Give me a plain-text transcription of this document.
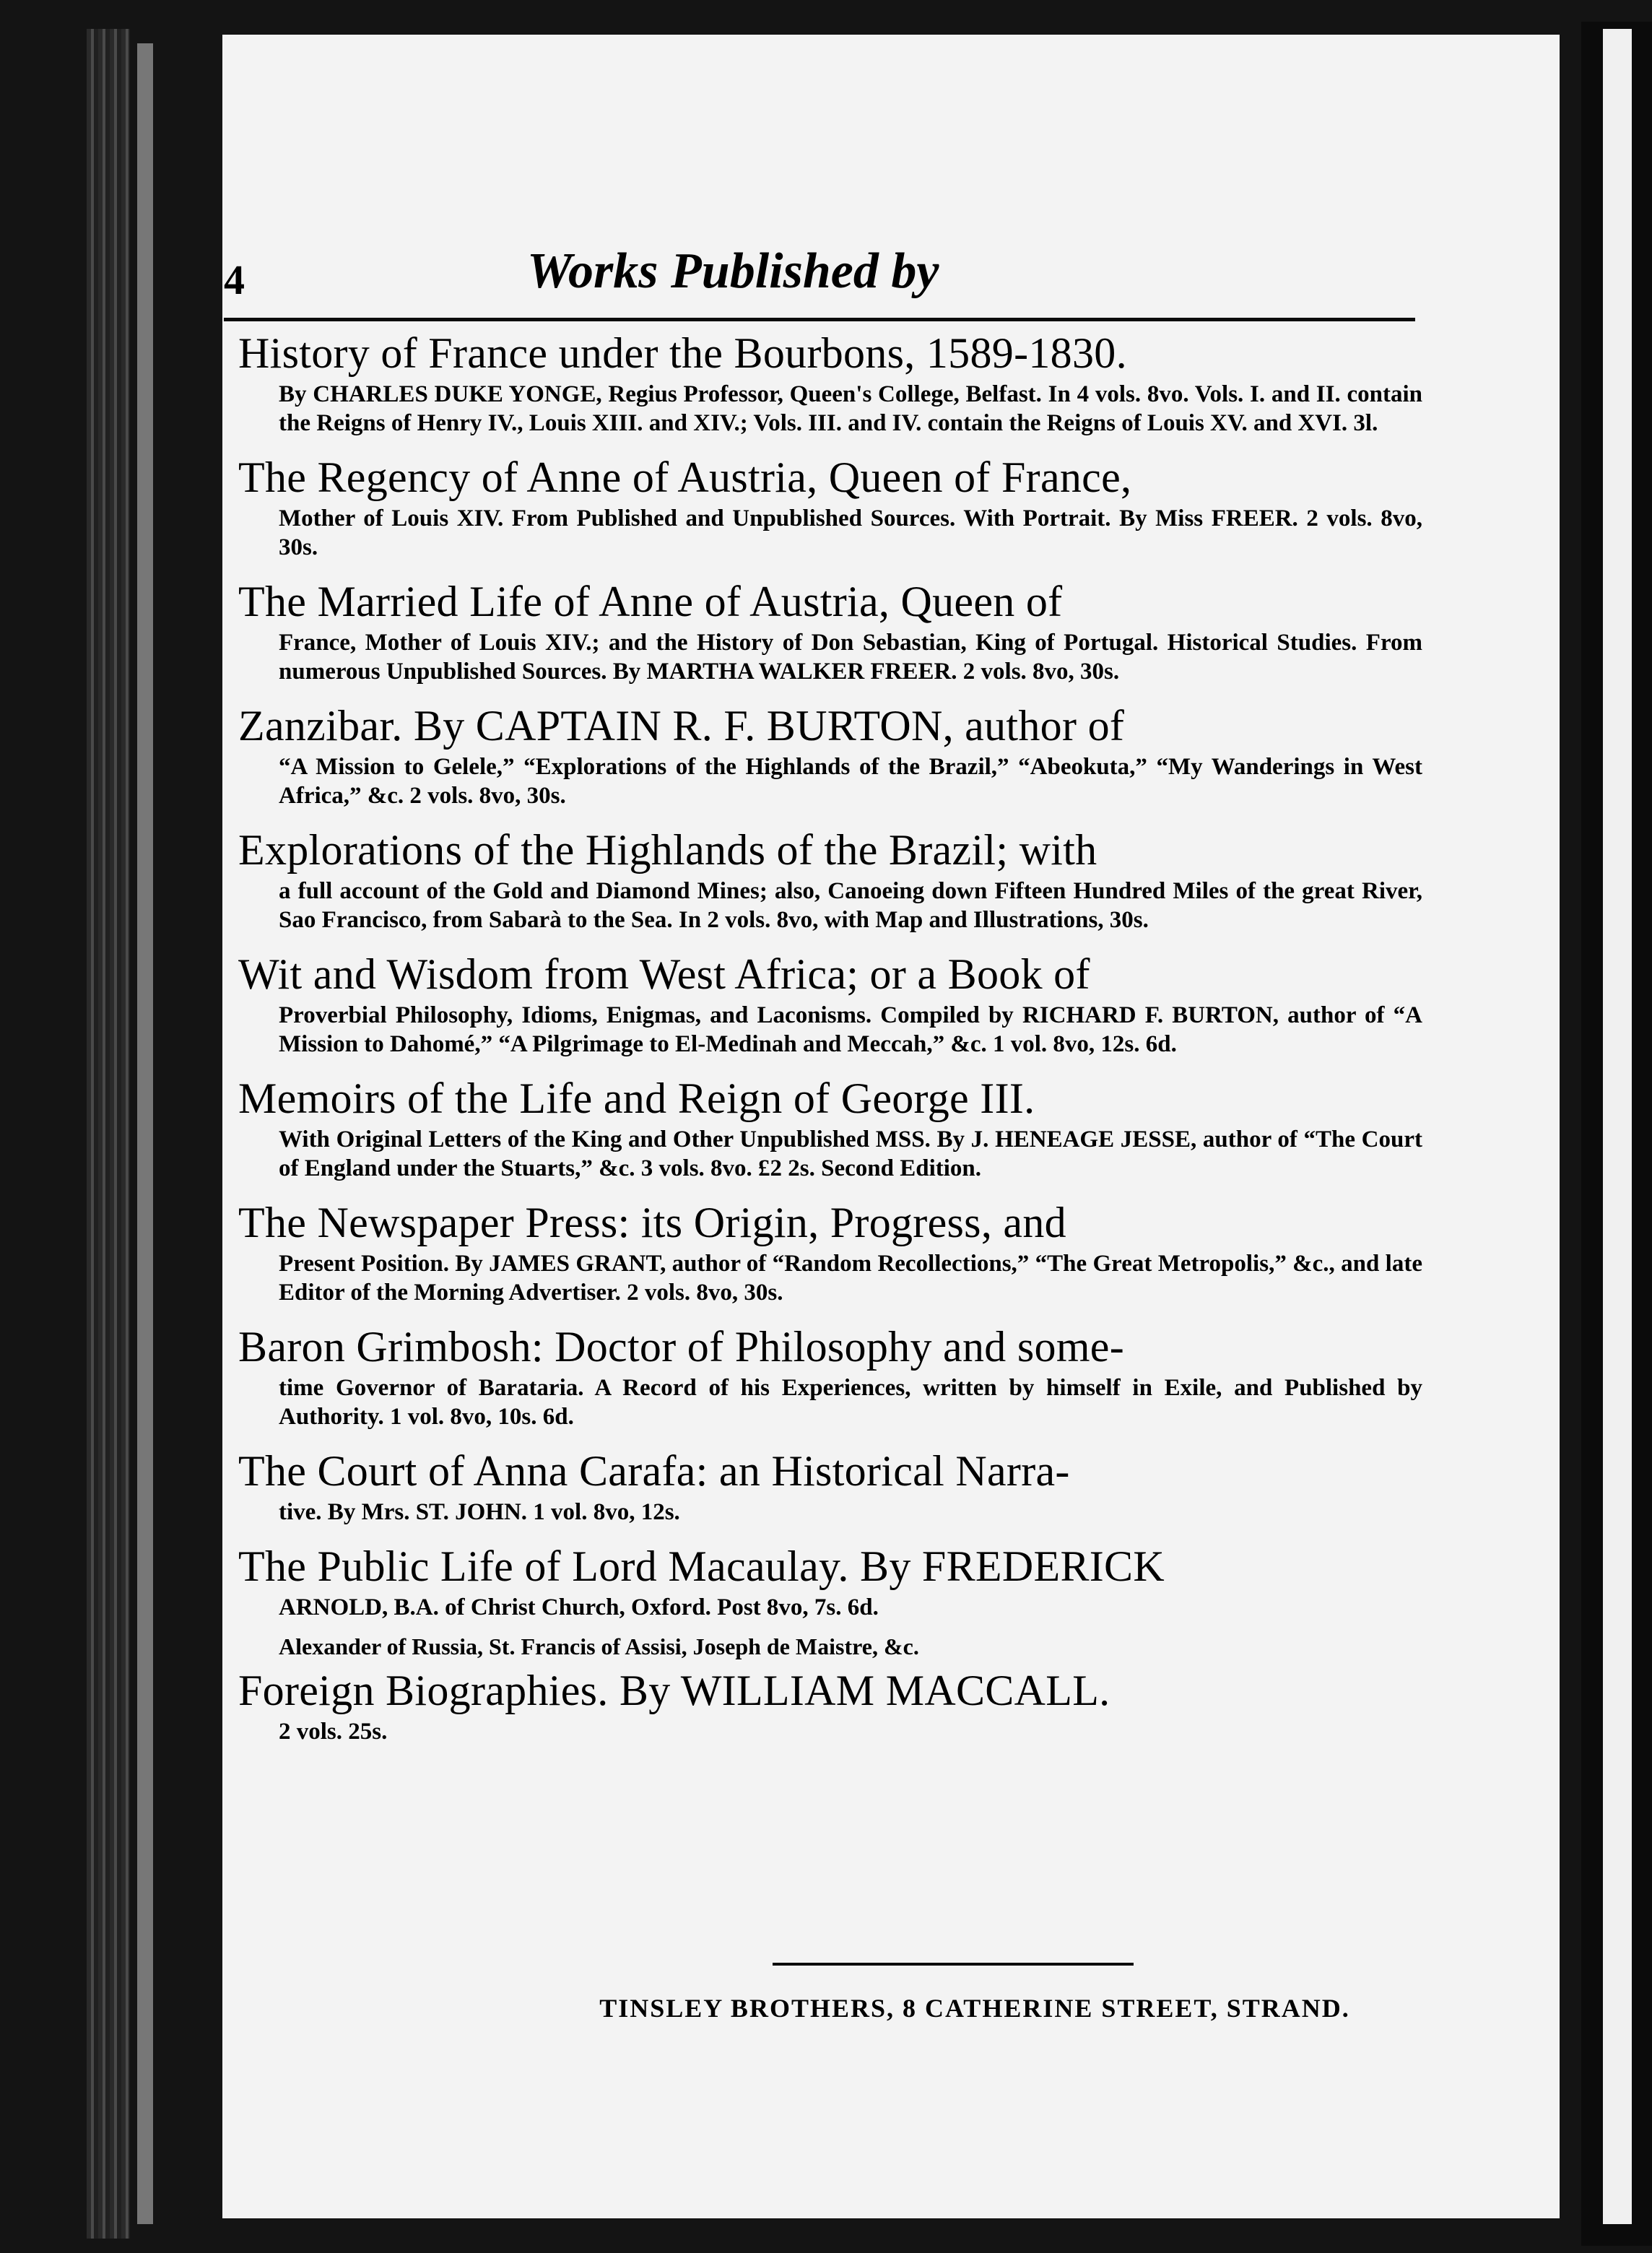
4	Works Published by
History of France under the Bourbons, 1589-1830.
By CHARLES DUKE YONGE, Regius Professor, Queen's College, Belfast. In 4 vols. 8vo. Vols. I. and II. contain the Reigns of Henry IV., Louis XIII. and XIV.; Vols. III. and IV. contain the Reigns of Louis XV. and XVI. 3l.
The Regency of Anne of Austria, Queen of France,
Mother of Louis XIV. From Published and Unpublished Sources. With Portrait. By Miss FREER. 2 vols. 8vo, 30s.
The Married Life of Anne of Austria, Queen of
France, Mother of Louis XIV.; and the History of Don Sebastian, King of Portugal. Historical Studies. From numerous Unpublished Sources. By MARTHA WALKER FREER. 2 vols. 8vo, 30s.
Zanzibar. By CAPTAIN R. F. BURTON, author of
“A Mission to Gelele,” “Explorations of the Highlands of the Brazil,” “Abeokuta,” “My Wanderings in West Africa,” &c. 2 vols. 8vo, 30s.
Explorations of the Highlands of the Brazil; with
a full account of the Gold and Diamond Mines; also, Canoeing down Fifteen Hundred Miles of the great River, Sao Francisco, from Sabarà to the Sea. In 2 vols. 8vo, with Map and Illustrations, 30s.
Wit and Wisdom from West Africa; or a Book of
Proverbial Philosophy, Idioms, Enigmas, and Laconisms. Compiled by RICHARD F. BURTON, author of “A Mission to Dahomé,” “A Pilgrimage to El-Medinah and Meccah,” &c. 1 vol. 8vo, 12s. 6d.
Memoirs of the Life and Reign of George III.
With Original Letters of the King and Other Unpublished MSS. By J. HENEAGE JESSE, author of “The Court of England under the Stuarts,” &c. 3 vols. 8vo. £2 2s. Second Edition.
The Newspaper Press: its Origin, Progress, and
Present Position. By JAMES GRANT, author of “Random Recollections,” “The Great Metropolis,” &c., and late Editor of the Morning Advertiser. 2 vols. 8vo, 30s.
Baron Grimbosh: Doctor of Philosophy and some-
time Governor of Barataria. A Record of his Experiences, written by himself in Exile, and Published by Authority. 1 vol. 8vo, 10s. 6d.
The Court of Anna Carafa: an Historical Narra-
tive. By Mrs. ST. JOHN. 1 vol. 8vo, 12s.
The Public Life of Lord Macaulay. By FREDERICK
ARNOLD, B.A. of Christ Church, Oxford. Post 8vo, 7s. 6d.
Alexander of Russia, St. Francis of Assisi, Joseph de Maistre, &c.
Foreign Biographies. By WILLIAM MACCALL.
2 vols. 25s.
TINSLEY BROTHERS, 8 CATHERINE STREET, STRAND.
